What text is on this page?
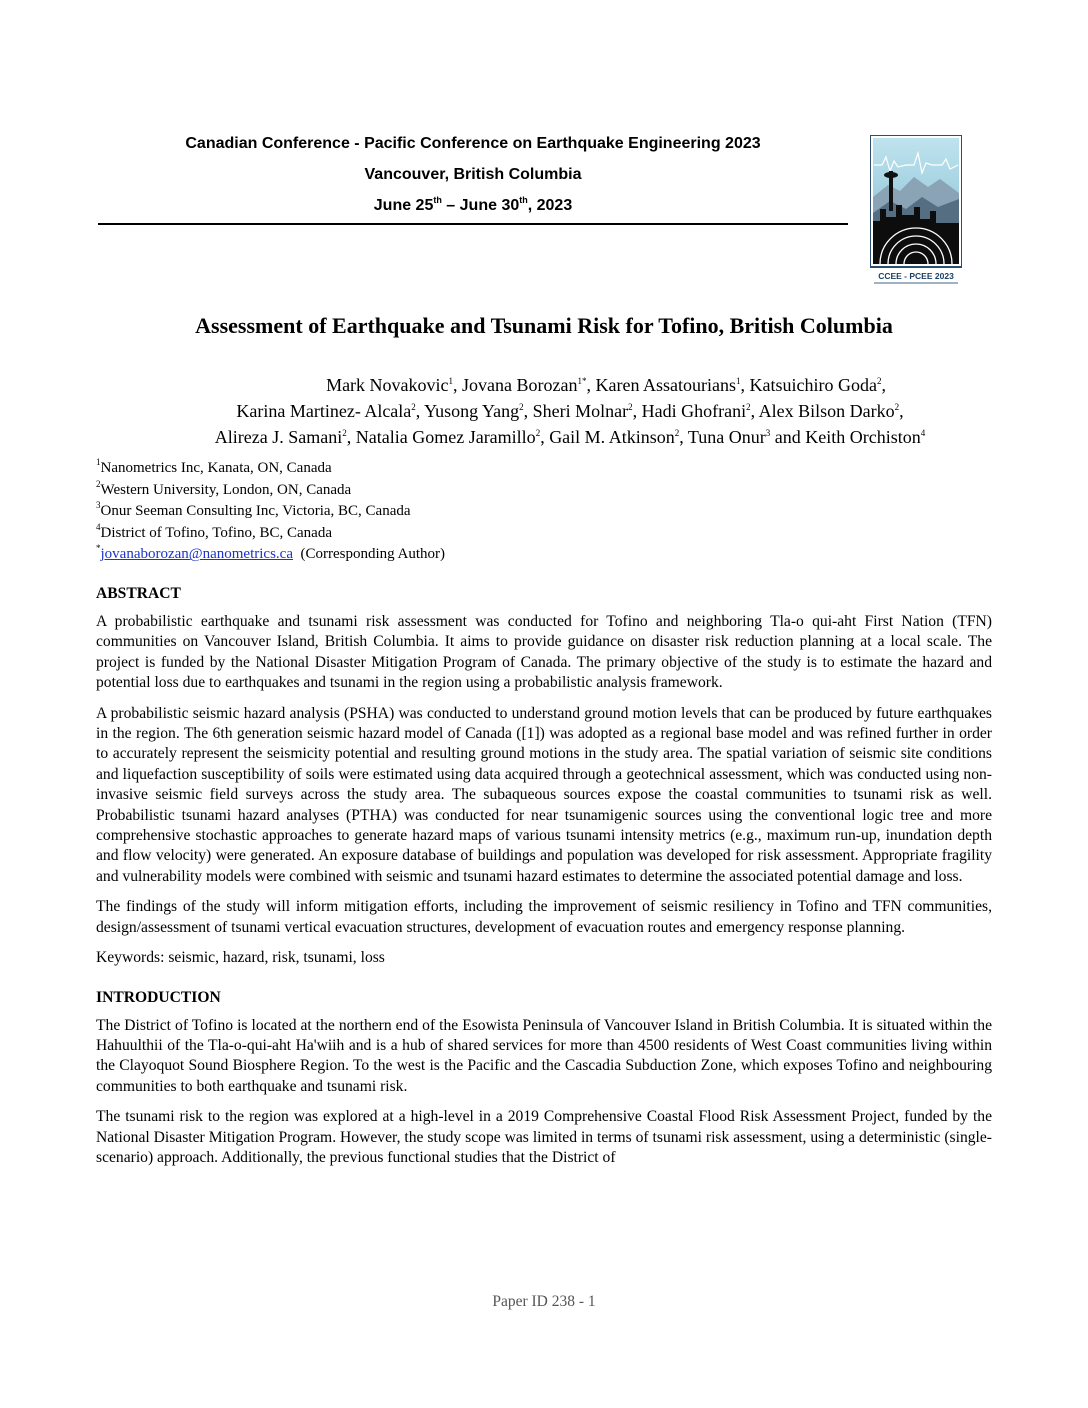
Canadian Conference - Pacific Conference on Earthquake Engineering 2023
Vancouver, British Columbia
June 25th – June 30th, 2023
CCEE - PCEE 2023
Assessment of Earthquake and Tsunami Risk for Tofino, British Columbia
Mark Novakovic$^1$, Jovana Borozan$^{1*}$, Karen Assatourians$^1$, Katsuichiro Goda$^2$,
Karina Martinez- Alcala$^2$, Yusong Yang$^2$, Sheri Molnar$^2$, Hadi Ghofrani$^2$, Alex Bilson Darko$^2$,
Alireza J. Samani$^2$, Natalia Gomez Jaramillo$^2$, Gail M. Atkinson$^2$, Tuna Onur$^3$ and Keith Orchiston$^4$
$^1$Nanometrics Inc, Kanata, ON, Canada
$^2$Western University, London, ON, Canada
$^3$Onur Seeman Consulting Inc, Victoria, BC, Canada
$^4$District of Tofino, Tofino, BC, Canada
*jovanaborozan@nanometrics.ca  (Corresponding Author)
ABSTRACT

A probabilistic earthquake and tsunami risk assessment was conducted for Tofino and neighboring Tla-o qui-aht First Nation (TFN) communities on Vancouver Island, British Columbia. It aims to provide guidance on disaster risk reduction planning at a local scale. The project is funded by the National Disaster Mitigation Program of Canada. The primary objective of the study is to estimate the hazard and potential loss due to earthquakes and tsunami in the region using a probabilistic analysis framework.

A probabilistic seismic hazard analysis (PSHA) was conducted to understand ground motion levels that can be produced by future earthquakes in the region. The 6th generation seismic hazard model of Canada ([1]) was adopted as a regional base model and was refined further in order to accurately represent the seismicity potential and resulting ground motions in the study area. The spatial variation of seismic site conditions and liquefaction susceptibility of soils were estimated using data acquired through a geotechnical assessment, which was conducted using non-invasive seismic field surveys across the study area. The subaqueous sources expose the coastal communities to tsunami risk as well. Probabilistic tsunami hazard analyses (PTHA) was conducted for near tsunamigenic sources using the conventional logic tree and more comprehensive stochastic approaches to generate hazard maps of various tsunami intensity metrics (e.g., maximum run-up, inundation depth and flow velocity) were generated. An exposure database of buildings and population was developed for risk assessment. Appropriate fragility and vulnerability models were combined with seismic and tsunami hazard estimates to determine the associated potential damage and loss.

The findings of the study will inform mitigation efforts, including the improvement of seismic resiliency in Tofino and TFN communities, design/assessment of tsunami vertical evacuation structures, development of evacuation routes and emergency response planning.

Keywords: seismic, hazard, risk, tsunami, loss

INTRODUCTION

The District of Tofino is located at the northern end of the Esowista Peninsula of Vancouver Island in British Columbia. It is situated within the Hahuulthii of the Tla-o-qui-aht Ha'wiih and is a hub of shared services for more than 4500 residents of West Coast communities living within the Clayoquot Sound Biosphere Region. To the west is the Pacific and the Cascadia Subduction Zone, which exposes Tofino and neighbouring communities to both earthquake and tsunami risk.

The tsunami risk to the region was explored at a high-level in a 2019 Comprehensive Coastal Flood Risk Assessment Project, funded by the National Disaster Mitigation Program. However, the study scope was limited in terms of tsunami risk assessment, using a deterministic (single-scenario) approach. Additionally, the previous functional studies that the District of

Paper ID 238 - 1
